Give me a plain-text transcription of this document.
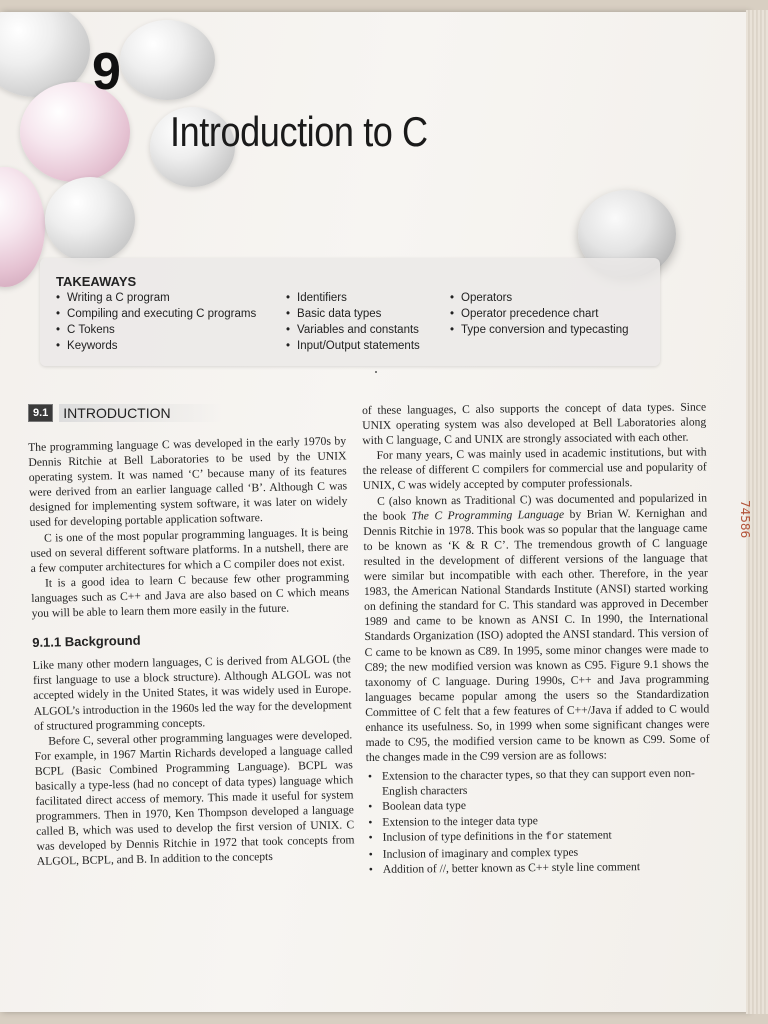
9
Introduction to C
TAKEAWAYS
• Writing a C program
• Compiling and executing C programs
• C Tokens
• Keywords
• Identifiers
• Basic data types
• Variables and constants
• Input/Output statements
• Operators
• Operator precedence chart
• Type conversion and typecasting
9.1	INTRODUCTION

The programming language C was developed in the early 1970s by Dennis Ritchie at Bell Laboratories to be used by the UNIX operating system. It was named ‘C’ because many of its features were derived from an earlier language called ‘B’. Although C was designed for implementing system software, it was later on widely used for developing portable application software.

C is one of the most popular programming languages. It is being used on several different software platforms. In a nutshell, there are a few computer architectures for which a C compiler does not exist.

It is a good idea to learn C because few other programming languages such as C++ and Java are also based on C which means you will be able to learn them more easily in the future.

9.1.1 Background

Like many other modern languages, C is derived from ALGOL (the first language to use a block structure). Although ALGOL was not accepted widely in the United States, it was widely used in Europe. ALGOL’s introduction in the 1960s led the way for the development of structured programming concepts.

Before C, several other programming languages were developed. For example, in 1967 Martin Richards developed a language called BCPL (Basic Combined Programming Language). BCPL was basically a type-less (had no concept of data types) language which facilitated direct access of memory. This made it useful for system programmers. Then in 1970, Ken Thompson developed a language called B, which was used to develop the first version of UNIX. C was developed by Dennis Ritchie in 1972 that took concepts from ALGOL, BCPL, and B. In addition to the concepts

of these languages, C also supports the concept of data types. Since UNIX operating system was also developed at Bell Laboratories along with C language, C and UNIX are strongly associated with each other.

For many years, C was mainly used in academic institutions, but with the release of different C compilers for commercial use and popularity of UNIX, C was widely accepted by computer professionals.

C (also known as Traditional C) was documented and popularized in the book The C Programming Language by Brian W. Kernighan and Dennis Ritchie in 1978. This book was so popular that the language came to be known as ‘K & R C’. The tremendous growth of C language resulted in the development of different versions of the language that were similar but incompatible with each other. Therefore, in the year 1983, the American National Standards Institute (ANSI) started working on defining the standard for C. This standard was approved in December 1989 and came to be known as ANSI C. In 1990, the International Standards Organization (ISO) adopted the ANSI standard. This version of C came to be known as C89. In 1995, some minor changes were made to C89; the new modified version was known as C95. Figure 9.1 shows the taxonomy of C language. During 1990s, C++ and Java programming languages became popular among the users so the Standardization Committee of C felt that a few features of C++/Java if added to C would enhance its usefulness. So, in 1999 when some significant changes were made to C95, the modified version came to be known as C99. Some of the changes made in the C99 version are as follows:

• Extension to the character types, so that they can support even non-English characters
• Boolean data type
• Extension to the integer data type
• Inclusion of type definitions in the for statement
• Inclusion of imaginary and complex types
• Addition of //, better known as C++ style line comment
74586
